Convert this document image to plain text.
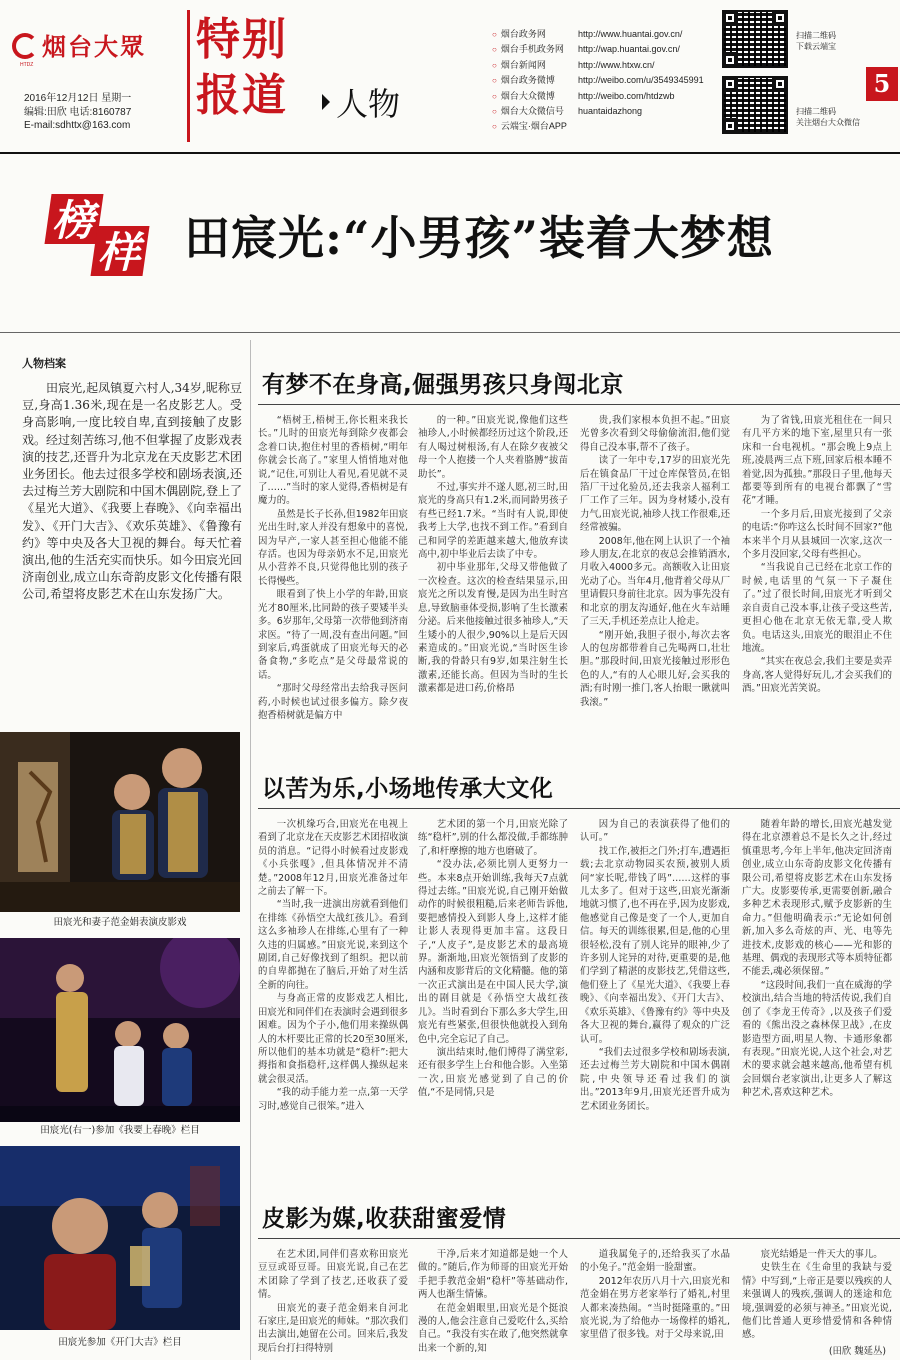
烟台大眾
HTDZ
2016年12月12日 星期一
编辑:田欣 电话:8160787
E-mail:sdhttx@163.com
特别
报道	人物
○ 烟台政务网	http://www.huantai.gov.cn/
○ 烟台手机政务网	http://wap.huantai.gov.cn/
○ 烟台新闻网	http://www.htxw.cn/
○ 烟台政务微博	http://weibo.com/u/3549345991
○ 烟台大众微博	http://weibo.com/htdzwb
○ 烟台大众微信号	huantaidazhong
○ 云端宝·烟台APP
扫描二维码
下载云端宝
扫描二维码
关注烟台大众微信
5
榜
样 田宸光:“小男孩”装着大梦想
人物档案
田宸光,起凤镇夏六村人,34岁,昵称豆豆,身高1.36米,现在是一名皮影艺人。受身高影响,一度比较自卑,直到接触了皮影戏。经过刻苦练习,他不但掌握了皮影戏表演的技艺,还晋升为北京龙在天皮影艺术团业务团长。他去过很多学校和剧场表演,还去过梅兰芳大剧院和中国木偶剧院,登上了《星光大道》、《我要上春晚》、《向幸福出发》、《开门大吉》、《欢乐英雄》、《鲁豫有约》等中央及各大卫视的舞台。每天忙着演出,他的生活充实而快乐。如今田宸光回济南创业,成立山东奇韵皮影文化传播有限公司,希望将皮影艺术在山东发扬广大。
田宸光和妻子范金娟表演皮影戏
田宸光(右一)参加《我要上春晚》栏目
田宸光参加《开门大吉》栏目
有梦不在身高,倔强男孩只身闯北京

“梧树王,梧树王,你长粗来我长长。”儿时的田宸光每到除夕夜都会念着口诀,抱住村里的香梧树,“明年你就会长高了。”家里人悄悄地对他说,“记住,可别让人看见,看见就不灵了……”当时的家人觉得,香梧树是有魔力的。

虽然是长子长孙,但1982年田宸光出生时,家人并没有想象中的喜悦,因为早产,一家人甚至担心他能不能存活。也因为母亲奶水不足,田宸光从小营养不良,只觉得他比别的孩子长得慢些。

眼看到了快上小学的年龄,田宸光才80厘米,比同龄的孩子要矮半头多。6岁那年,父母第一次带他到济南求医。“待了一周,没有查出问题。”回到家后,鸡蛋就成了田宸光每天的必备食物,“多吃点”是父母最常说的话。

“那时父母经常出去给我寻医问药,小时候也试过很多偏方。除夕夜抱香梧树就是偏方中

的一种。”田宸光说,像他们这些袖珍人,小时候都经历过这个阶段,还有人喝过树根汤,有人在除夕夜被父母一个人抱搂一个人夹着胳膊“拔苗助长”。

不过,事实并不遂人愿,初三时,田宸光的身高只有1.2米,而同龄男孩子有些已经1.7米。“当时有人说,即使我考上大学,也找不到工作。”看到自己和同学的差距越来越大,他放弃读高中,初中毕业后去读了中专。

初中毕业那年,父母又带他做了一次检查。这次的检查结果显示,田宸光之所以发育慢,是因为出生时宫息,导致脑垂体受损,影响了生长激素分泌。后来他接触过很多袖珍人,“天生矮小的人很少,90%以上是后天因素造成的。”田宸光说,“当时医生诊断,我的骨龄只有9岁,如果注射生长激素,还能长高。但因为当时的生长激素都是进口药,价格昂

贵,我们家根本负担不起。”田宸光曾多次看到父母偷偷流泪,他们觉得自己没本事,帮不了孩子。

读了一年中专,17岁的田宸光先后在镇食品厂干过仓库保管员,在铝箔厂干过化验员,还去我亲人福利工厂工作了三年。因为身材矮小,没有力气,田宸光说,袖珍人找工作很难,还经常被骗。

2008年,他在网上认识了一个袖珍人朋友,在北京的夜总会推销酒水,月收入4000多元。高额收入让田宸光动了心。当年4月,他背着父母从厂里请假只身前往北京。因为事先没有和北京的朋友沟通好,他在火车站睡了三天,手机还差点让人抢走。

“刚开始,我胆子很小,每次去客人的包房都带着自己先喝两口,壮壮胆。”那段时间,田宸光接触过形形色色的人,“有的人心眼儿好,会买我的酒;有时刚一推门,客人抬眼一瞅就叫我滚。”

为了省钱,田宸光租住在一间只有几平方米的地下室,屋里只有一张床和一台电视机。“那会晚上9点上班,凌晨两三点下班,回家后根本睡不着觉,因为孤独。”那段日子里,他每天都要等到所有的电视台都飘了“雪花”才睡。

一个多月后,田宸光接到了父亲的电话:“你咋这么长时间不回家?”他本来半个月从县城回一次家,这次一个多月没回家,父母有些担心。

“当我说自己已经在北京工作的时候,电话里的气氛一下子凝住了。”过了很长时间,田宸光才听到父亲自责自己没本事,让孩子受这些苦,更担心他在北京无依无靠,受人欺负。电话这头,田宸光的眼泪止不住地流。

“其实在夜总会,我们主要是卖弄身高,客人觉得好玩儿,才会买我们的酒。”田宸光苦笑说。

以苦为乐,小场地传承大文化

一次机缘巧合,田宸光在电视上看到了北京龙在天皮影艺术团招收演员的消息。“记得小时候看过皮影戏《小兵张嘎》,但具体情况并不清楚。”2008年12月,田宸光准备过年之前去了解一下。

“当时,我一进演出房就看到他们在排练《孙悟空大战红孩儿》。看到这么多袖珍人在排练,心里有了一种久违的归属感。”田宸光说,来到这个剧团,自己好像找到了组织。把以前的自卑都抛在了脑后,开始了对生活全新的向往。

与身高正常的皮影戏艺人相比,田宸光和同伴们在表演时会遇到很多困难。因为个子小,他们用来操纵偶人的木杆要比正常的长20至30厘米,所以他们的基本功就是“稳杆”:把大拇指和食指稳杆,这样偶人操纵起来就会很灵活。

“我的动手能力差一点,第一天学习时,感觉自己很笨。”进入

艺术团的第一个月,田宸光除了练“稳杆”,别的什么都没做,手都练肿了,和杆摩擦的地方也磨破了。

“没办法,必须比别人更努力一些。本来8点开始训练,我每天7点就得过去练。”田宸光说,自己刚开始做动作的时候很粗糙,后来老师告诉他,要把感情投入到影人身上,这样才能让影人表现得更加丰富。这段日子,“人皮子”,是皮影艺术的最高境界。渐渐地,田宸光领悟到了皮影的内涵和皮影背后的文化精髓。他的第一次正式演出是在中国人民大学,演出的剧目就是《孙悟空大战红孩儿》。当时看到台下那么多大学生,田宸光有些紧张,但很快他就投入到角色中,完全忘记了自己。

演出结束时,他们博得了满堂彩,还有很多学生上台和他合影。入坐第一次,田宸光感觉到了自己的价值,“不是同情,只是

因为自己的表演获得了他们的认可。”

找工作,被拒之门外;打车,遭遇拒载;去北京动物园买农预,被别人质问“家长呢,带钱了吗”……这样的事儿太多了。但对于这些,田宸光渐渐地就习惯了,也不再在乎,因为皮影戏,他感觉自己像是变了一个人,更加自信。每天的训练很累,但是,他的心里很轻松,没有了别人诧异的眼神,少了许多别人诧异的对待,更重要的是,他们学到了精湛的皮影技艺,凭借这些,他们登上了《星光大道》、《我要上春晚》、《向幸福出发》、《开门大吉》、《欢乐英雄》、《鲁豫有约》等中央及各大卫视的舞台,赢得了观众的广泛认可。

“我们去过很多学校和剧场表演,还去过梅兰芳大剧院和中国木偶剧院,中央领导还看过我们的演出。”2013年9月,田宸光还晋升成为艺术团业务团长。

随着年龄的增长,田宸光越发觉得在北京漂着总不是长久之计,经过慎重思考,今年上半年,他决定回济南创业,成立山东奇韵皮影文化传播有限公司,希望将皮影艺术在山东发扬广大。皮影要传承,更需要创新,融合多种艺术表现形式,赋予皮影新的生命力。”但他明确表示:“无论如何创新,加入多么奇炫的声、光、电等先进技术,皮影戏的核心——光和影的基理、偶戏的表现形式等本质特征都不能丢,魂必须保留。”

“这段时间,我们一直在威海的学校演出,结合当地的特活传说,我们自创了《李龙王传奇》,以及孩子们爱看的《熊出没之森林保卫战》,在皮影造型方面,明星人物、卡通形象都有表现。”田宸光说,人这个社会,对艺术的要求就会越来越高,他希望有机会回烟台老家演出,让更多人了解这种艺术,喜欢这种艺术。

皮影为媒,收获甜蜜爱情

在艺术团,同伴们喜欢称田宸光豆豆或哥豆哥。田宸光说,自己在艺术团除了学到了技艺,还收获了爱情。

田宸光的妻子范金娟来自河北石家庄,是田宸光的师妹。“那次我们出去演出,她留在公司。回来后,我发现后台打扫得特别

干净,后来才知道都是她一个人做的。”随后,作为师哥的田宸光开始手把手教范金娟“稳杆”等基础动作,两人也渐生情愫。

在范金娟眼里,田宸光是个挺浪漫的人,他会注意自己爱吃什么,买给自己。“我没有实在敢了,他突然就拿出来一个新的,知

道我属兔子的,还给我买了水晶的小兔子。”范金娟一脸甜蜜。

2012年农历八月十六,田宸光和范金娟在男方老家举行了婚礼,村里人都来凑热闹。“当时挺隆重的。”田宸光说,为了给他办一场像样的婚礼,家里借了很多钱。对于父母来说,田

宸光结婚是一件天大的事儿。

史铁生在《生命里的我缺与爱情》中写到,“上帝正是要以残疾的人来强调人的残疾,强调人的迷途和危境,强调爱的必须与神圣。”田宸光说,他们比普通人更珍惜爱情和各种情感。

(田欣 魏延丛)
